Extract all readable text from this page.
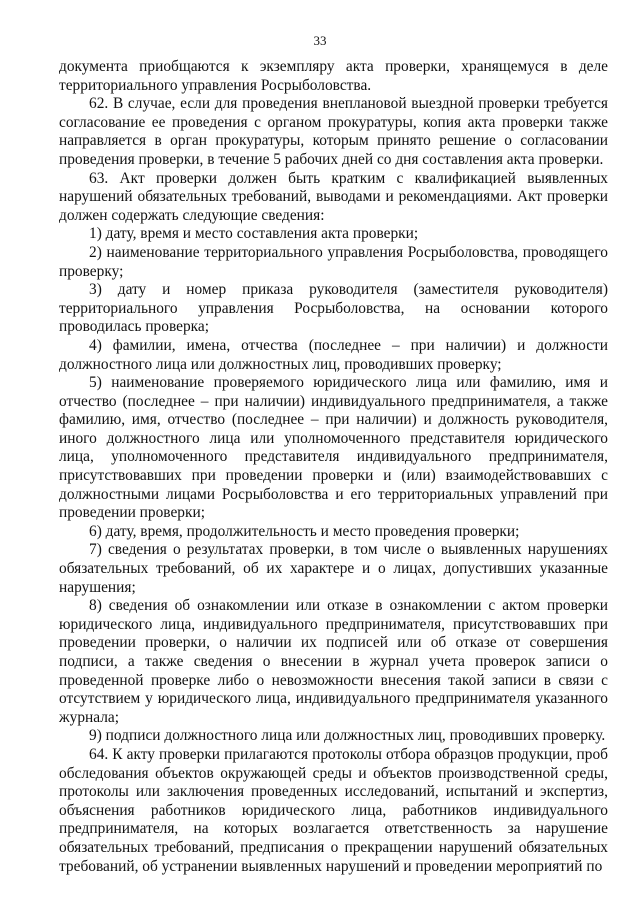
33

документа приобщаются к экземпляру акта проверки, хранящемуся в деле территориального управления Росрыболовства.

62. В случае, если для проведения внеплановой выездной проверки требуется согласование ее проведения с органом прокуратуры, копия акта проверки также направляется в орган прокуратуры, которым принято решение о согласовании проведения проверки, в течение 5 рабочих дней со дня составления акта проверки.

63. Акт проверки должен быть кратким с квалификацией выявленных нарушений обязательных требований, выводами и рекомендациями. Акт проверки должен содержать следующие сведения:

1) дату, время и место составления акта проверки;

2) наименование территориального управления Росрыболовства, проводящего проверку;

3) дату и номер приказа руководителя (заместителя руководителя) территориального управления Росрыболовства, на основании которого проводилась проверка;

4) фамилии, имена, отчества (последнее – при наличии) и должности должностного лица или должностных лиц, проводивших проверку;

5) наименование проверяемого юридического лица или фамилию, имя и отчество (последнее – при наличии) индивидуального предпринимателя, а также фамилию, имя, отчество (последнее – при наличии) и должность руководителя, иного должностного лица или уполномоченного представителя юридического лица, уполномоченного представителя индивидуального предпринимателя, присутствовавших при проведении проверки и (или) взаимодействовавших с должностными лицами Росрыболовства и его территориальных управлений при проведении проверки;

6) дату, время, продолжительность и место проведения проверки;

7) сведения о результатах проверки, в том числе о выявленных нарушениях обязательных требований, об их характере и о лицах, допустивших указанные нарушения;

8) сведения об ознакомлении или отказе в ознакомлении с актом проверки юридического лица, индивидуального предпринимателя, присутствовавших при проведении проверки, о наличии их подписей или об отказе от совершения подписи, а также сведения о внесении в журнал учета проверок записи о проведенной проверке либо о невозможности внесения такой записи в связи с отсутствием у юридического лица, индивидуального предпринимателя указанного журнала;

9) подписи должностного лица или должностных лиц, проводивших проверку.

64. К акту проверки прилагаются протоколы отбора образцов продукции, проб обследования объектов окружающей среды и объектов производственной среды, протоколы или заключения проведенных исследований, испытаний и экспертиз, объяснения работников юридического лица, работников индивидуального предпринимателя, на которых возлагается ответственность за нарушение обязательных требований, предписания о прекращении нарушений обязательных требований, об устранении выявленных нарушений и проведении мероприятий по
